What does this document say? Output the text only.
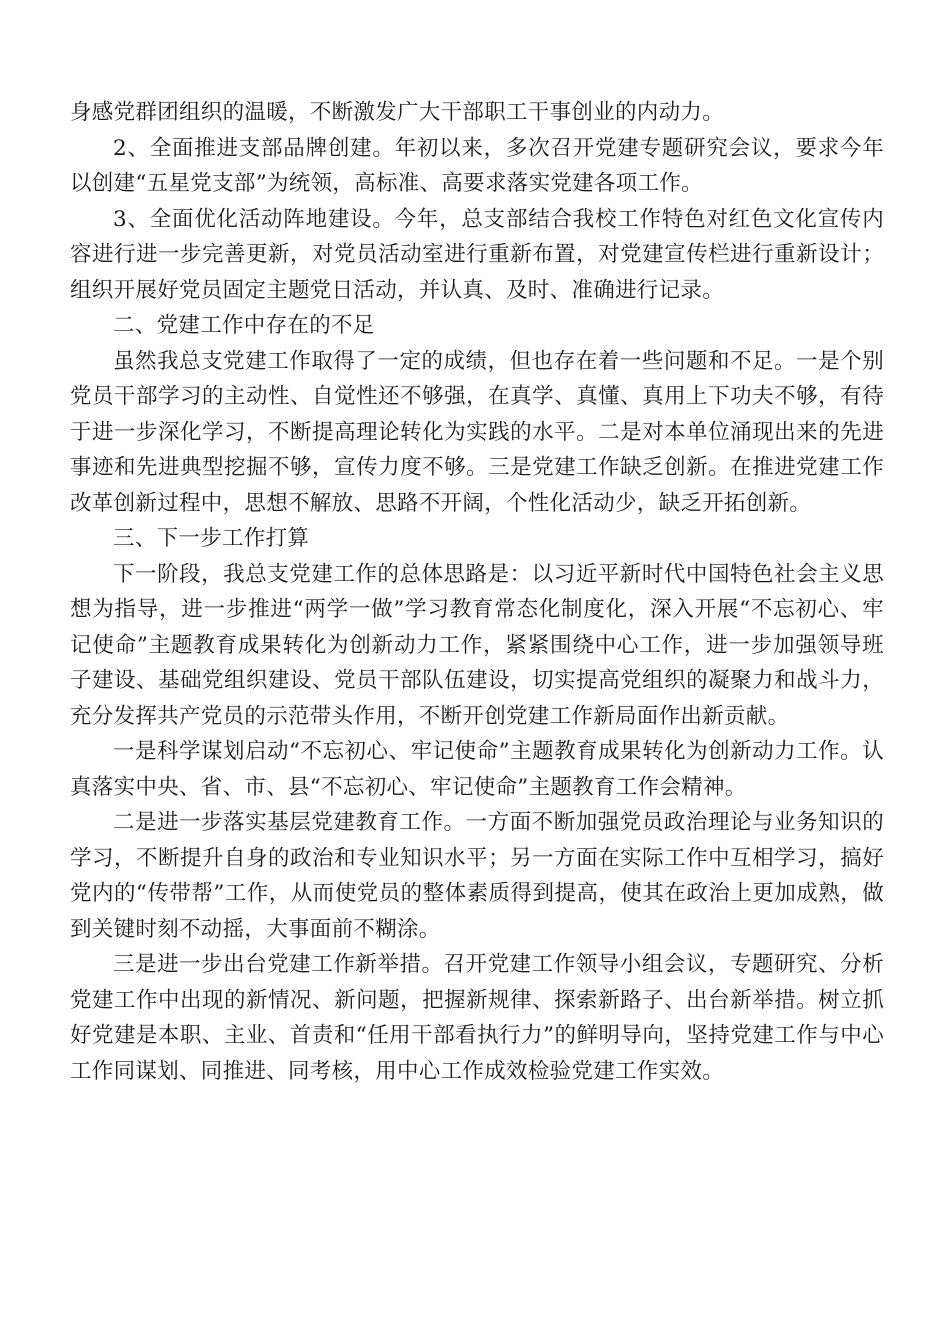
身感党群团组织的温暖，不断激发广大干部职工干事创业的内动力。

2、全面推进支部品牌创建。年初以来，多次召开党建专题研究会议，要求今年以创建“五星党支部”为统领，高标准、高要求落实党建各项工作。

3、全面优化活动阵地建设。今年，总支部结合我校工作特色对红色文化宣传内容进行进一步完善更新，对党员活动室进行重新布置，对党建宣传栏进行重新设计；组织开展好党员固定主题党日活动，并认真、及时、准确进行记录。

二、党建工作中存在的不足

虽然我总支党建工作取得了一定的成绩，但也存在着一些问题和不足。一是个别党员干部学习的主动性、自觉性还不够强，在真学、真懂、真用上下功夫不够，有待于进一步深化学习，不断提高理论转化为实践的水平。二是对本单位涌现出来的先进事迹和先进典型挖掘不够，宣传力度不够。三是党建工作缺乏创新。在推进党建工作改革创新过程中，思想不解放、思路不开阔，个性化活动少，缺乏开拓创新。

三、下一步工作打算

下一阶段，我总支党建工作的总体思路是：以习近平新时代中国特色社会主义思想为指导，进一步推进“两学一做”学习教育常态化制度化，深入开展“不忘初心、牢记使命”主题教育成果转化为创新动力工作，紧紧围绕中心工作，进一步加强领导班子建设、基础党组织建设、党员干部队伍建设，切实提高党组织的凝聚力和战斗力，充分发挥共产党员的示范带头作用，不断开创党建工作新局面作出新贡献。

一是科学谋划启动“不忘初心、牢记使命”主题教育成果转化为创新动力工作。认真落实中央、省、市、县“不忘初心、牢记使命”主题教育工作会精神。

二是进一步落实基层党建教育工作。一方面不断加强党员政治理论与业务知识的学习，不断提升自身的政治和专业知识水平；另一方面在实际工作中互相学习，搞好党内的“传带帮”工作，从而使党员的整体素质得到提高，使其在政治上更加成熟，做到关键时刻不动摇，大事面前不糊涂。

三是进一步出台党建工作新举措。召开党建工作领导小组会议，专题研究、分析党建工作中出现的新情况、新问题，把握新规律、探索新路子、出台新举措。树立抓好党建是本职、主业、首责和“任用干部看执行力”的鲜明导向，坚持党建工作与中心工作同谋划、同推进、同考核，用中心工作成效检验党建工作实效。
